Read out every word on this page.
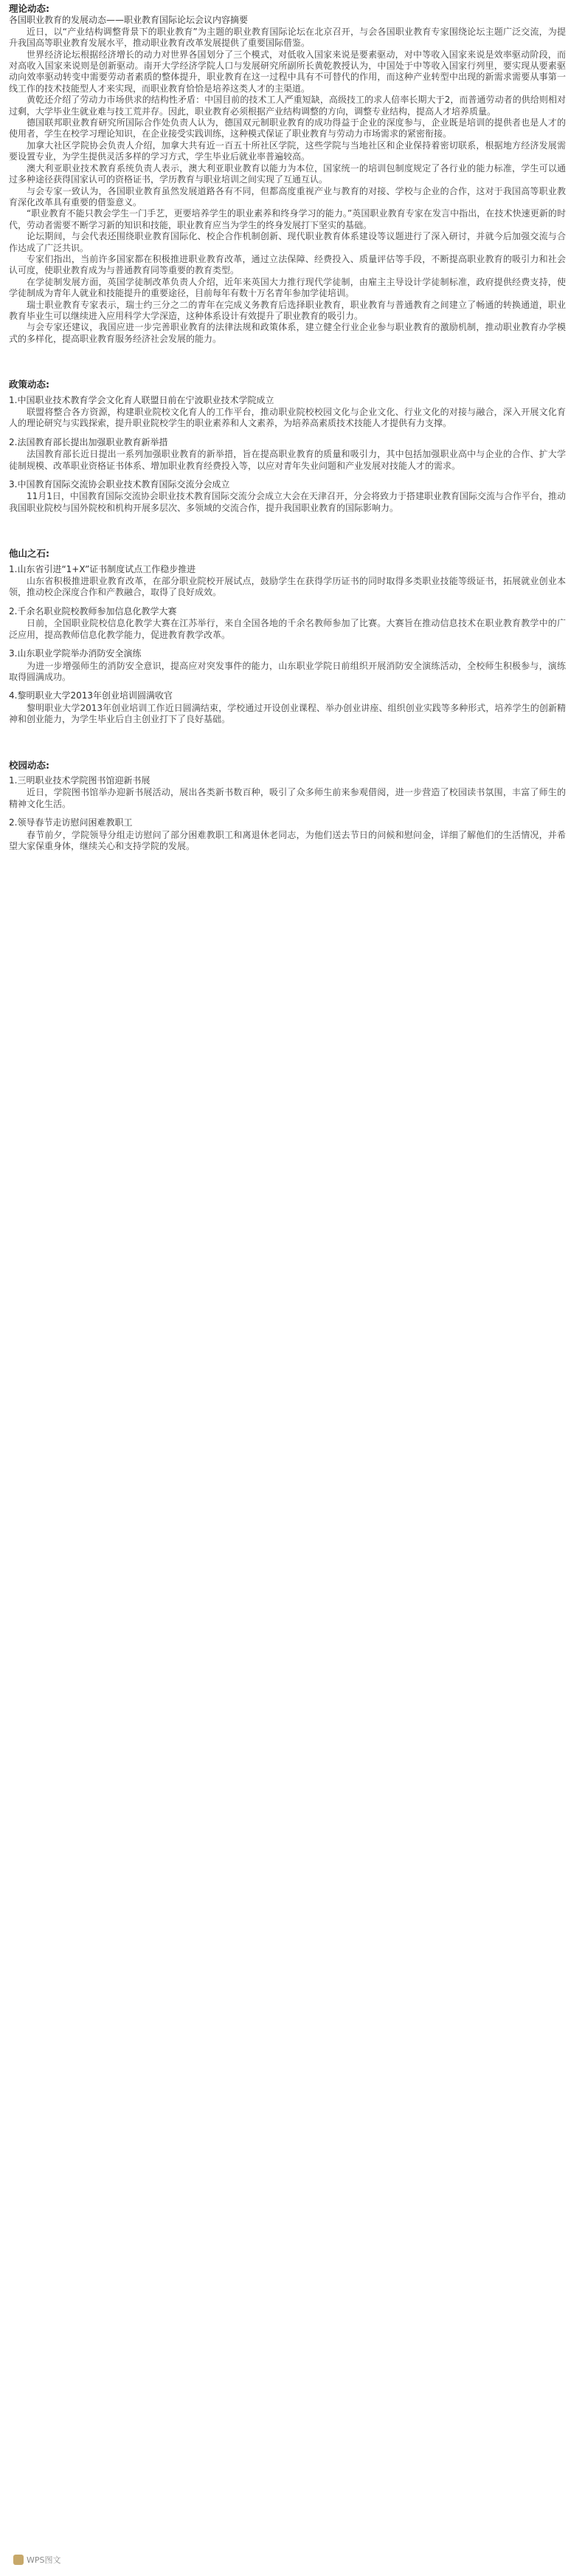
理论动态:
各国职业教育的发展动态——职业教育国际论坛会议内容摘要

近日，以“产业结构调整背景下的职业教育”为主题的职业教育国际论坛在北京召开，与会各国职业教育专家围绕论坛主题广泛交流，为提升我国高等职业教育发展水平，推动职业教育改革发展提供了重要国际借鉴。

世界经济论坛根据经济增长的动力对世界各国划分了三个模式，对低收入国家来说是要素驱动，对中等收入国家来说是效率驱动阶段，而对高收入国家来说则是创新驱动。南开大学经济学院人口与发展研究所副所长黄乾教授认为，中国处于中等收入国家行列里，要实现从要素驱动向效率驱动转变中需要劳动者素质的整体提升，职业教育在这一过程中具有不可替代的作用，而这种产业转型中出现的新需求需要从事第一线工作的技术技能型人才来实现，而职业教育恰恰是培养这类人才的主渠道。

黄乾还介绍了劳动力市场供求的结构性矛盾：中国目前的技术工人严重短缺，高级技工的求人倍率长期大于2，而普通劳动者的供给则相对过剩，大学毕业生就业难与技工荒并存。因此，职业教育必须根据产业结构调整的方向，调整专业结构，提高人才培养质量。

德国联邦职业教育研究所国际合作处负责人认为，德国双元制职业教育的成功得益于企业的深度参与，企业既是培训的提供者也是人才的使用者，学生在校学习理论知识，在企业接受实践训练，这种模式保证了职业教育与劳动力市场需求的紧密衔接。

加拿大社区学院协会负责人介绍，加拿大共有近一百五十所社区学院，这些学院与当地社区和企业保持着密切联系，根据地方经济发展需要设置专业，为学生提供灵活多样的学习方式，学生毕业后就业率普遍较高。

澳大利亚职业技术教育系统负责人表示，澳大利亚职业教育以能力为本位，国家统一的培训包制度规定了各行业的能力标准，学生可以通过多种途径获得国家认可的资格证书，学历教育与职业培训之间实现了互通互认。

与会专家一致认为，各国职业教育虽然发展道路各有不同，但都高度重视产业与教育的对接、学校与企业的合作，这对于我国高等职业教育深化改革具有重要的借鉴意义。

“职业教育不能只教会学生一门手艺，更要培养学生的职业素养和终身学习的能力。”英国职业教育专家在发言中指出，在技术快速更新的时代，劳动者需要不断学习新的知识和技能，职业教育应当为学生的终身发展打下坚实的基础。

论坛期间，与会代表还围绕职业教育国际化、校企合作机制创新、现代职业教育体系建设等议题进行了深入研讨，并就今后加强交流与合作达成了广泛共识。

专家们指出，当前许多国家都在积极推进职业教育改革，通过立法保障、经费投入、质量评估等手段，不断提高职业教育的吸引力和社会认可度，使职业教育成为与普通教育同等重要的教育类型。

在学徒制发展方面，英国学徒制改革负责人介绍，近年来英国大力推行现代学徒制，由雇主主导设计学徒制标准，政府提供经费支持，使学徒制成为青年人就业和技能提升的重要途径，目前每年有数十万名青年参加学徒培训。

瑞士职业教育专家表示，瑞士约三分之二的青年在完成义务教育后选择职业教育，职业教育与普通教育之间建立了畅通的转换通道，职业教育毕业生可以继续进入应用科学大学深造，这种体系设计有效提升了职业教育的吸引力。

与会专家还建议，我国应进一步完善职业教育的法律法规和政策体系，建立健全行业企业参与职业教育的激励机制，推动职业教育办学模式的多样化，提高职业教育服务经济社会发展的能力。

政策动态:
1.中国职业技术教育学会文化育人联盟日前在宁波职业技术学院成立

联盟将整合各方资源，构建职业院校文化育人的工作平台，推动职业院校校园文化与企业文化、行业文化的对接与融合，深入开展文化育人的理论研究与实践探索，提升职业院校学生的职业素养和人文素养，为培养高素质技术技能人才提供有力支撑。

2.法国教育部长提出加强职业教育新举措

法国教育部长近日提出一系列加强职业教育的新举措，旨在提高职业教育的质量和吸引力，其中包括加强职业高中与企业的合作、扩大学徒制规模、改革职业资格证书体系、增加职业教育经费投入等，以应对青年失业问题和产业发展对技能人才的需求。

3.中国教育国际交流协会职业技术教育国际交流分会成立

11月1日，中国教育国际交流协会职业技术教育国际交流分会成立大会在天津召开，分会将致力于搭建职业教育国际交流与合作平台，推动我国职业院校与国外院校和机构开展多层次、多领域的交流合作，提升我国职业教育的国际影响力。

他山之石:
1.山东省引进“1+X”证书制度试点工作稳步推进

山东省积极推进职业教育改革，在部分职业院校开展试点，鼓励学生在获得学历证书的同时取得多类职业技能等级证书，拓展就业创业本领，推动校企深度合作和产教融合，取得了良好成效。

2.千余名职业院校教师参加信息化教学大赛

日前，全国职业院校信息化教学大赛在江苏举行，来自全国各地的千余名教师参加了比赛。大赛旨在推动信息技术在职业教育教学中的广泛应用，提高教师信息化教学能力，促进教育教学改革。

3.山东职业学院举办消防安全演练

为进一步增强师生的消防安全意识，提高应对突发事件的能力，山东职业学院日前组织开展消防安全演练活动，全校师生积极参与，演练取得圆满成功。

4.黎明职业大学2013年创业培训圆满收官

黎明职业大学2013年创业培训工作近日圆满结束，学校通过开设创业课程、举办创业讲座、组织创业实践等多种形式，培养学生的创新精神和创业能力，为学生毕业后自主创业打下了良好基础。

校园动态:
1.三明职业技术学院图书馆迎新书展

近日，学院图书馆举办迎新书展活动，展出各类新书数百种，吸引了众多师生前来参观借阅，进一步营造了校园读书氛围，丰富了师生的精神文化生活。

2.领导春节走访慰问困难教职工

春节前夕，学院领导分组走访慰问了部分困难教职工和离退休老同志，为他们送去节日的问候和慰问金，详细了解他们的生活情况，并希望大家保重身体，继续关心和支持学院的发展。

WPS图文
